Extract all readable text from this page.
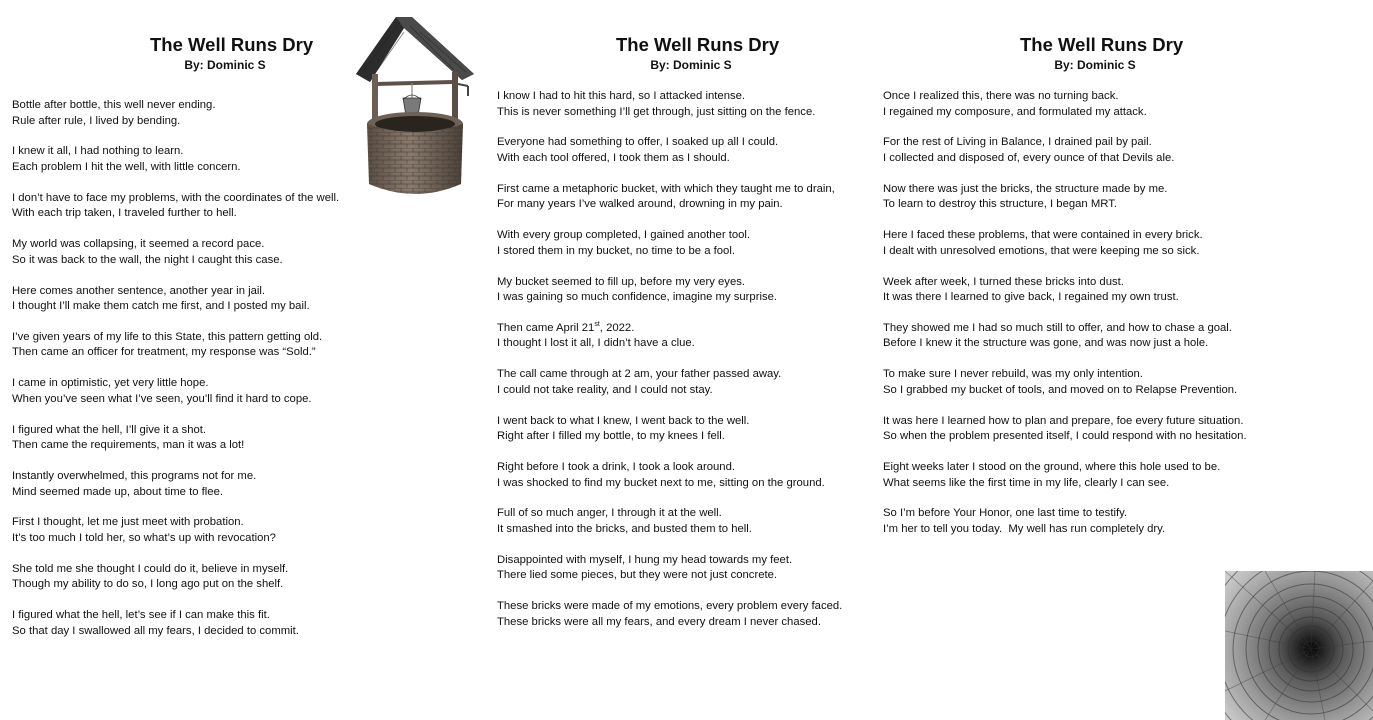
The Well Runs Dry
By: Dominic S
Bottle after bottle, this well never ending.
Rule after rule, I lived by bending.
I knew it all, I had nothing to learn.
Each problem I hit the well, with little concern.
I don’t have to face my problems, with the coordinates of the well.
With each trip taken, I traveled further to hell.
My world was collapsing, it seemed a record pace.
So it was back to the wall, the night I caught this case.
Here comes another sentence, another year in jail.
I thought I’ll make them catch me first, and I posted my bail.
I’ve given years of my life to this State, this pattern getting old.
Then came an officer for treatment, my response was “Sold.”
I came in optimistic, yet very little hope.
When you’ve seen what I’ve seen, you’ll find it hard to cope.
I figured what the hell, I’ll give it a shot.
Then came the requirements, man it was a lot!
Instantly overwhelmed, this programs not for me.
Mind seemed made up, about time to flee.
First I thought, let me just meet with probation.
It’s too much I told her, so what’s up with revocation?
She told me she thought I could do it, believe in myself.
Though my ability to do so, I long ago put on the shelf.
I figured what the hell, let’s see if I can make this fit.
So that day I swallowed all my fears, I decided to commit.
The Well Runs Dry
By: Dominic S
I know I had to hit this hard, so I attacked intense.
This is never something I’ll get through, just sitting on the fence.
Everyone had something to offer, I soaked up all I could.
With each tool offered, I took them as I should.
First came a metaphoric bucket, with which they taught me to drain,
For many years I’ve walked around, drowning in my pain.
With every group completed, I gained another tool.
I stored them in my bucket, no time to be a fool.
My bucket seemed to fill up, before my very eyes.
I was gaining so much confidence, imagine my surprise.
Then came April 21st, 2022.
I thought I lost it all, I didn’t have a clue.
The call came through at 2 am, your father passed away.
I could not take reality, and I could not stay.
I went back to what I knew, I went back to the well.
Right after I filled my bottle, to my knees I fell.
Right before I took a drink, I took a look around.
I was shocked to find my bucket next to me, sitting on the ground.
Full of so much anger, I through it at the well.
It smashed into the bricks, and busted them to hell.
Disappointed with myself, I hung my head towards my feet.
There lied some pieces, but they were not just concrete.
These bricks were made of my emotions, every problem every faced.
These bricks were all my fears, and every dream I never chased.
The Well Runs Dry
By: Dominic S
Once I realized this, there was no turning back.
I regained my composure, and formulated my attack.
For the rest of Living in Balance, I drained pail by pail.
I collected and disposed of, every ounce of that Devils ale.
Now there was just the bricks, the structure made by me.
To learn to destroy this structure, I began MRT.
Here I faced these problems, that were contained in every brick.
I dealt with unresolved emotions, that were keeping me so sick.
Week after week, I turned these bricks into dust.
It was there I learned to give back, I regained my own trust.
They showed me I had so much still to offer, and how to chase a goal.
Before I knew it the structure was gone, and was now just a hole.
To make sure I never rebuild, was my only intention.
So I grabbed my bucket of tools, and moved on to Relapse Prevention.
It was here I learned how to plan and prepare, foe every future situation.
So when the problem presented itself, I could respond with no hesitation.
Eight weeks later I stood on the ground, where this hole used to be.
What seems like the first time in my life, clearly I can see.
So I’m before Your Honor, one last time to testify.
I’m her to tell you today.  My well has run completely dry.
